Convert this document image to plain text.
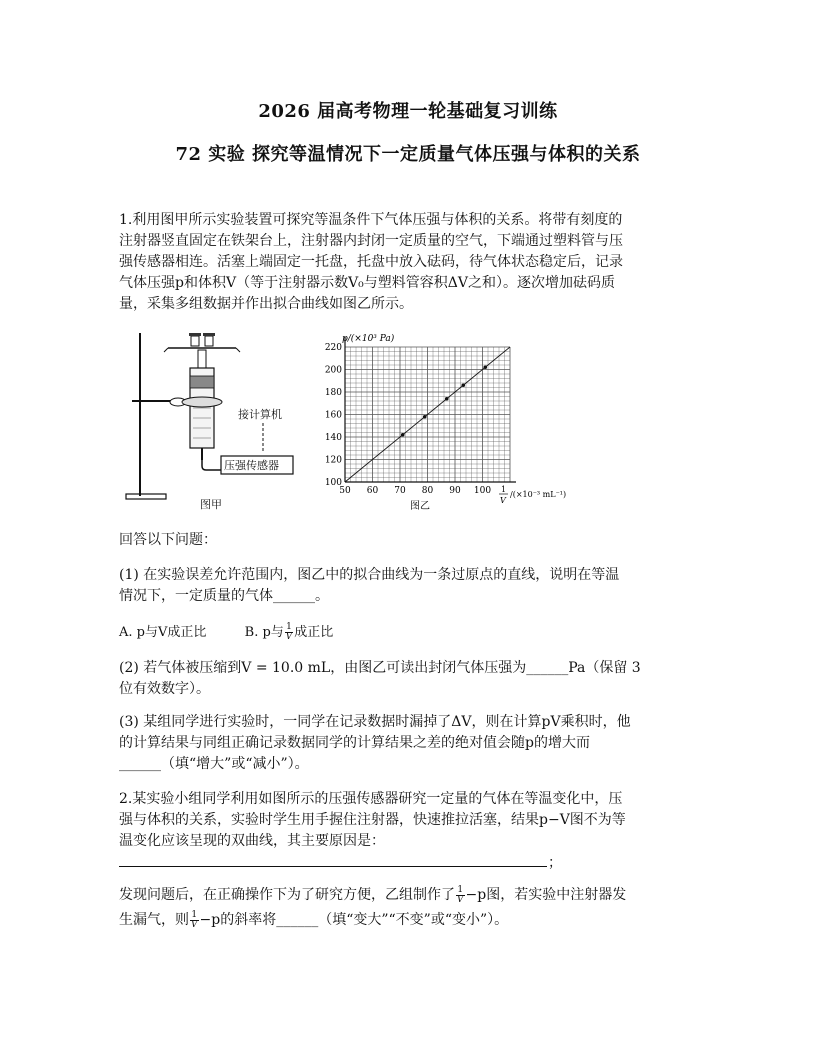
2026 届高考物理一轮基础复习训练
72 实验 探究等温情况下一定质量气体压强与体积的关系
1.利用图甲所示实验装置可探究等温条件下气体压强与体积的关系。将带有刻度的
注射器竖直固定在铁架台上，注射器内封闭一定质量的空气，下端通过塑料管与压
强传感器相连。活塞上端固定一托盘，托盘中放入砝码，待气体状态稳定后，记录
气体压强p和体积V（等于注射器示数V₀与塑料管容积ΔV之和）。逐次增加砝码质
量，采集多组数据并作出拟合曲线如图乙所示。
接计算机
压强传感器
图甲
50 60 70 80 90 100
100
120
140
160
180
200
220
p/(×10³ Pa)
1
V
/(×10⁻³ mL⁻¹)
图乙
回答以下问题：
(1) 在实验误差允许范围内，图乙中的拟合曲线为一条过原点的直线，说明在等温
情况下，一定质量的气体______。
A. p与V成正比	B. p与 $\frac{1}{V}$ 成正比
(2) 若气体被压缩到V = 10.0 mL，由图乙可读出封闭气体压强为______Pa（保留 3
位有效数字）。
(3) 某组同学进行实验时，一同学在记录数据时漏掉了ΔV，则在计算pV乘积时，他
的计算结果与同组正确记录数据同学的计算结果之差的绝对值会随p的增大而
______（填“增大”或“减小”）。
2.某实验小组同学利用如图所示的压强传感器研究一定量的气体在等温变化中，压
强与体积的关系，实验时学生用手握住注射器，快速推拉活塞，结果p−V图不为等
温变化应该呈现的双曲线，其主要原因是：
；
发现问题后，在正确操作下为了研究方便，乙组制作了 $\frac{1}{V} -p$图，若实验中注射器发
生漏气，则 $\frac{1}{V} -p$的斜率将______（填“变大”“不变”或“变小”）。
